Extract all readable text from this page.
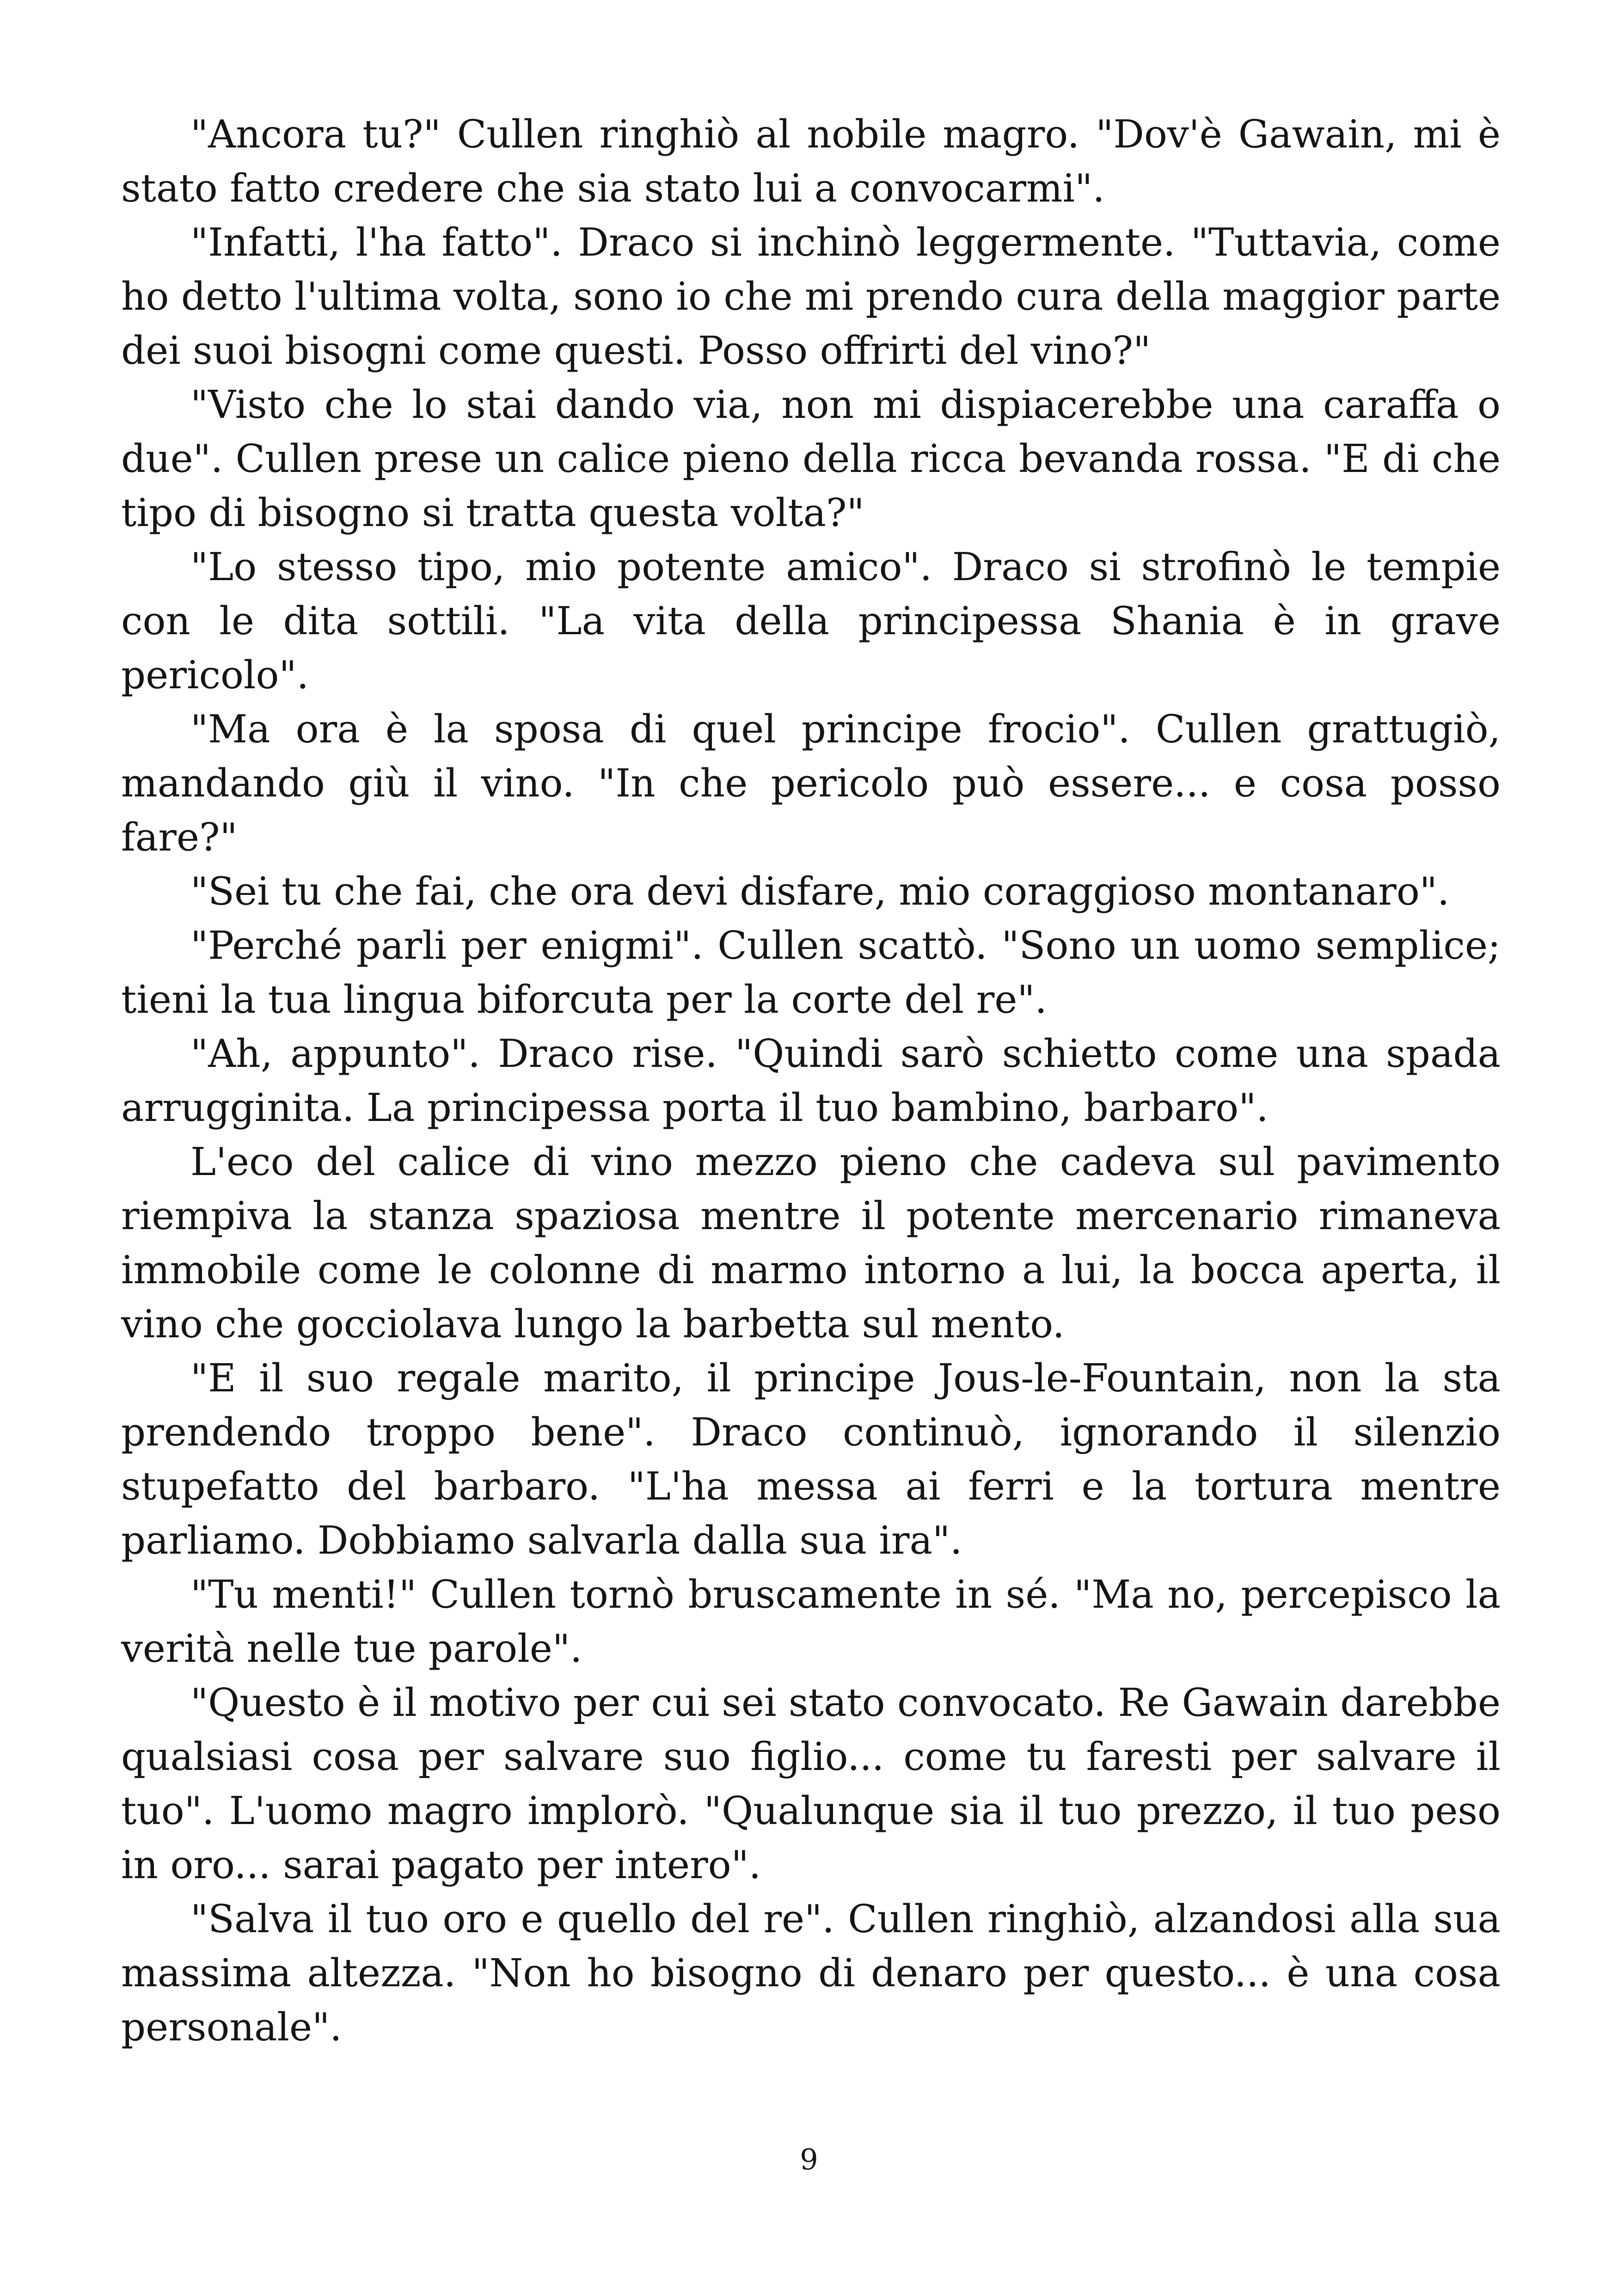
"Ancora tu?" Cullen ringhiò al nobile magro. "Dov'è Gawain, mi è stato fatto credere che sia stato lui a convocarmi".

"Infatti, l'ha fatto". Draco si inchinò leggermente. "Tuttavia, come ho detto l'ultima volta, sono io che mi prendo cura della maggior parte dei suoi bisogni come questi. Posso offrirti del vino?"

"Visto che lo stai dando via, non mi dispiacerebbe una caraffa o due". Cullen prese un calice pieno della ricca bevanda rossa. "E di che tipo di bisogno si tratta questa volta?"

"Lo stesso tipo, mio potente amico". Draco si strofinò le tempie con le dita sottili. "La vita della principessa Shania è in grave pericolo".

"Ma ora è la sposa di quel principe frocio". Cullen grattugiò, mandando giù il vino. "In che pericolo può essere... e cosa posso fare?"

"Sei tu che fai, che ora devi disfare, mio coraggioso montanaro".

"Perché parli per enigmi". Cullen scattò. "Sono un uomo semplice; tieni la tua lingua biforcuta per la corte del re".

"Ah, appunto". Draco rise. "Quindi sarò schietto come una spada arrugginita. La principessa porta il tuo bambino, barbaro".

L'eco del calice di vino mezzo pieno che cadeva sul pavimento riempiva la stanza spaziosa mentre il potente mercenario rimaneva immobile come le colonne di marmo intorno a lui, la bocca aperta, il vino che gocciolava lungo la barbetta sul mento.

"E il suo regale marito, il principe Jous-le-Fountain, non la sta prendendo troppo bene". Draco continuò, ignorando il silenzio stupefatto del barbaro. "L'ha messa ai ferri e la tortura mentre parliamo. Dobbiamo salvarla dalla sua ira".

"Tu menti!" Cullen tornò bruscamente in sé. "Ma no, percepisco la verità nelle tue parole".

"Questo è il motivo per cui sei stato convocato. Re Gawain darebbe qualsiasi cosa per salvare suo figlio... come tu faresti per salvare il tuo". L'uomo magro implorò. "Qualunque sia il tuo prezzo, il tuo peso in oro... sarai pagato per intero".

"Salva il tuo oro e quello del re". Cullen ringhiò, alzandosi alla sua massima altezza. "Non ho bisogno di denaro per questo... è una cosa personale".

9
